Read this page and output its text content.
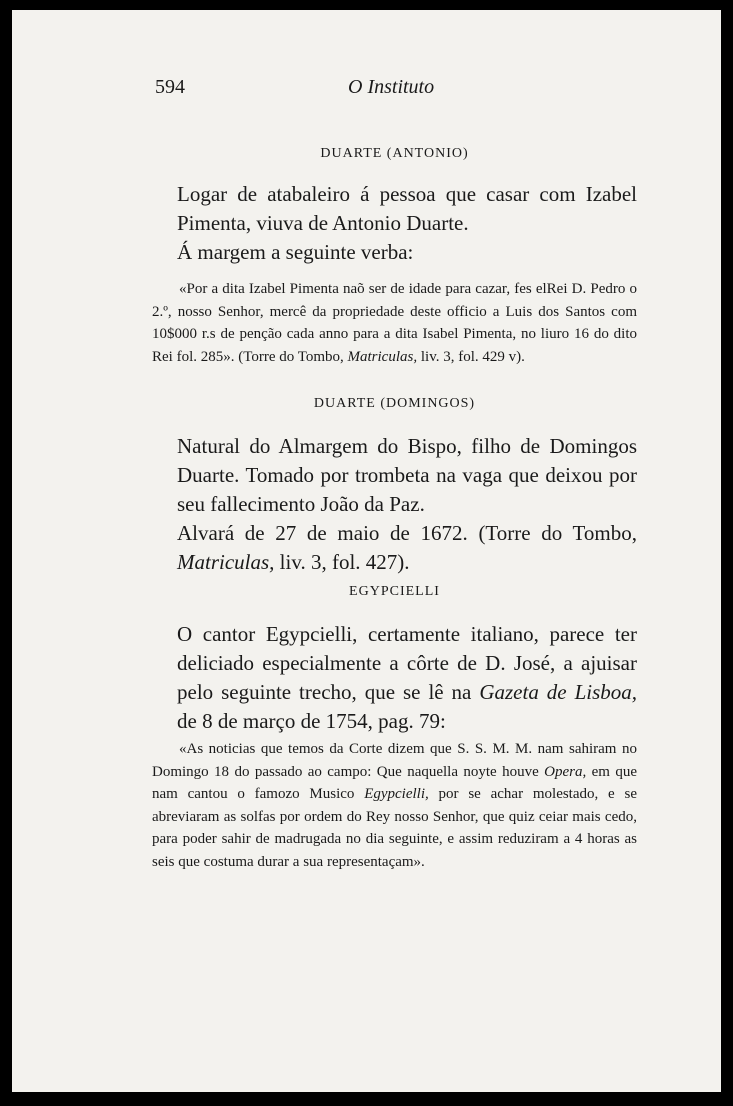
594	O Instituto
DUARTE (ANTONIO)

Logar de atabaleiro á pessoa que casar com Izabel Pimenta, viuva de Antonio Duarte.

Á margem a seguinte verba:

«Por a dita Izabel Pimenta naõ ser de idade para cazar, fes elRei D. Pedro o 2.º, nosso Senhor, mercê da propriedade deste officio a Luis dos Santos com 10$000 r.s de penção cada anno para a dita Isabel Pimenta, no liuro 16 do dito Rei fol. 285». (Torre do Tombo, Matriculas, liv. 3, fol. 429 v).

DUARTE (DOMINGOS)

Natural do Almargem do Bispo, filho de Domingos Duarte. Tomado por trombeta na vaga que deixou por seu fallecimento João da Paz.

Alvará de 27 de maio de 1672. (Torre do Tombo, Matriculas, liv. 3, fol. 427).

EGYPCIELLI

O cantor Egypcielli, certamente italiano, parece ter deliciado especialmente a côrte de D. José, a ajuisar pelo seguinte trecho, que se lê na Gazeta de Lisboa, de 8 de março de 1754, pag. 79:

«As noticias que temos da Corte dizem que S. S. M. M. nam sahiram no Domingo 18 do passado ao campo: Que naquella noyte houve Opera, em que nam cantou o famozo Musico Egypcielli, por se achar molestado, e se abreviaram as solfas por ordem do Rey nosso Senhor, que quiz ceiar mais cedo, para poder sahir de madrugada no dia seguinte, e assim reduziram a 4 horas as seis que costuma durar a sua representaçam».
